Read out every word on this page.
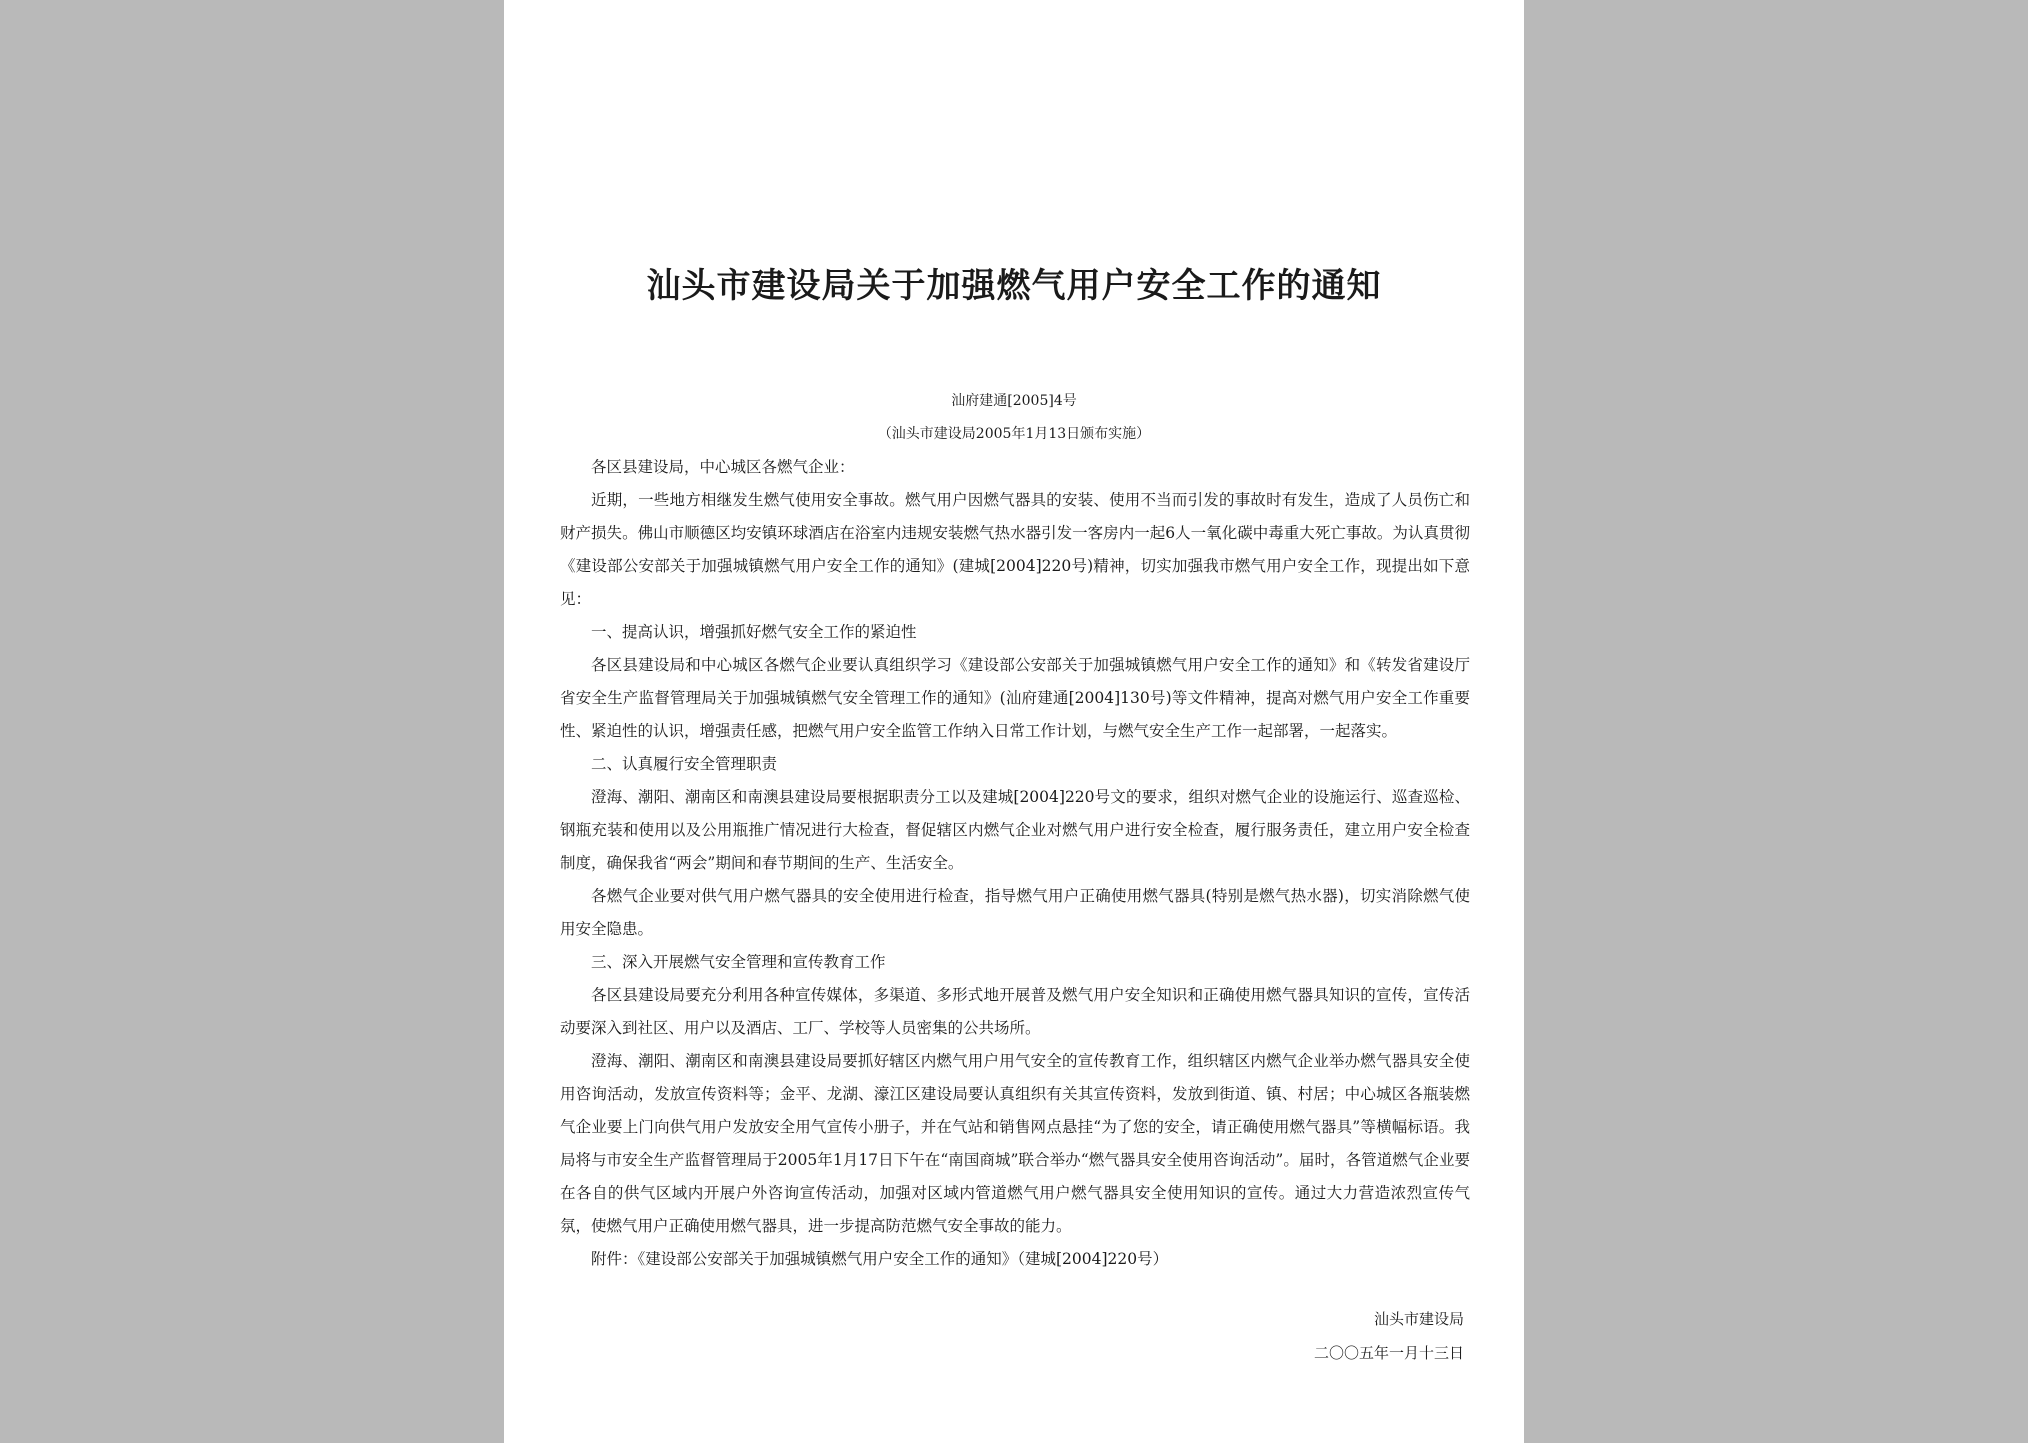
汕头市建设局关于加强燃气用户安全工作的通知
汕府建通[2005]4号
（汕头市建设局2005年1月13日颁布实施）

各区县建设局，中心城区各燃气企业：

近期，一些地方相继发生燃气使用安全事故。燃气用户因燃气器具的安装、使用不当而引发的事故时有发生，造成了人员伤亡和财产损失。佛山市顺德区均安镇环球酒店在浴室内违规安装燃气热水器引发一客房内一起6人一氧化碳中毒重大死亡事故。为认真贯彻《建设部公安部关于加强城镇燃气用户安全工作的通知》(建城[2004]220号)精神，切实加强我市燃气用户安全工作，现提出如下意见：

一、提高认识，增强抓好燃气安全工作的紧迫性

各区县建设局和中心城区各燃气企业要认真组织学习《建设部公安部关于加强城镇燃气用户安全工作的通知》和《转发省建设厅省安全生产监督管理局关于加强城镇燃气安全管理工作的通知》(汕府建通[2004]130号)等文件精神，提高对燃气用户安全工作重要性、紧迫性的认识，增强责任感，把燃气用户安全监管工作纳入日常工作计划，与燃气安全生产工作一起部署，一起落实。

二、认真履行安全管理职责

澄海、潮阳、潮南区和南澳县建设局要根据职责分工以及建城[2004]220号文的要求，组织对燃气企业的设施运行、巡查巡检、钢瓶充装和使用以及公用瓶推广情况进行大检查，督促辖区内燃气企业对燃气用户进行安全检查，履行服务责任，建立用户安全检查制度，确保我省“两会”期间和春节期间的生产、生活安全。

各燃气企业要对供气用户燃气器具的安全使用进行检查，指导燃气用户正确使用燃气器具(特别是燃气热水器)，切实消除燃气使用安全隐患。

三、深入开展燃气安全管理和宣传教育工作

各区县建设局要充分利用各种宣传媒体，多渠道、多形式地开展普及燃气用户安全知识和正确使用燃气器具知识的宣传，宣传活动要深入到社区、用户以及酒店、工厂、学校等人员密集的公共场所。

澄海、潮阳、潮南区和南澳县建设局要抓好辖区内燃气用户用气安全的宣传教育工作，组织辖区内燃气企业举办燃气器具安全使用咨询活动，发放宣传资料等；金平、龙湖、濠江区建设局要认真组织有关其宣传资料，发放到街道、镇、村居；中心城区各瓶装燃气企业要上门向供气用户发放安全用气宣传小册子，并在气站和销售网点悬挂“为了您的安全，请正确使用燃气器具”等横幅标语。我局将与市安全生产监督管理局于2005年1月17日下午在“南国商城”联合举办“燃气器具安全使用咨询活动”。届时，各管道燃气企业要在各自的供气区域内开展户外咨询宣传活动，加强对区域内管道燃气用户燃气器具安全使用知识的宣传。通过大力营造浓烈宣传气氛，使燃气用户正确使用燃气器具，进一步提高防范燃气安全事故的能力。

附件：《建设部公安部关于加强城镇燃气用户安全工作的通知》（建城[2004]220号）

汕头市建设局
二〇〇五年一月十三日
